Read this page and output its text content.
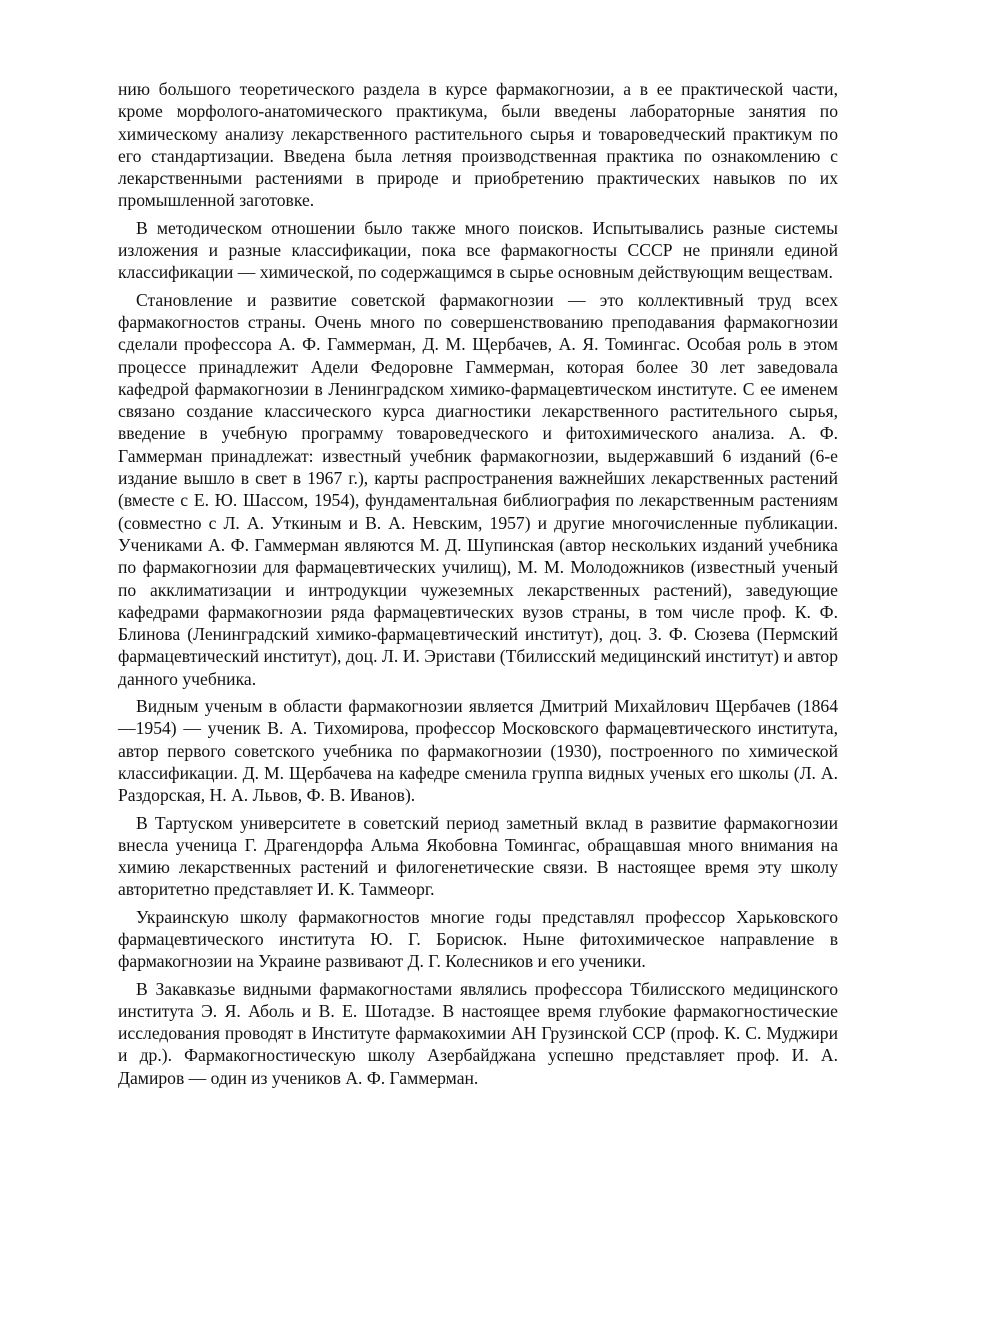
нию большого теоретического раздела в курсе фармакогнозии, а в ее практической части, кроме морфолого-анатомического практикума, были введены лабораторные занятия по химическому анализу лекарственного растительного сырья и товароведческий практикум по его стандартизации. Введена была летняя производственная практика по ознакомлению с лекарственными растениями в природе и приобретению практических навыков по их промышленной заготовке.

В методическом отношении было также много поисков. Испытывались разные системы изложения и разные классификации, пока все фармакогносты СССР не приняли единой классификации — химической, по содержащимся в сырье основным действующим веществам.

Становление и развитие советской фармакогнозии — это коллективный труд всех фармакогностов страны. Очень много по совершенствованию преподавания фармакогнозии сделали профессора А. Ф. Гаммерман, Д. М. Щербачев, А. Я. Томингас. Особая роль в этом процессе принадлежит Адели Федоровне Гаммерман, которая более 30 лет заведовала кафедрой фармакогнозии в Ленинградском химико-фармацевтическом институте. С ее именем связано создание классического курса диагностики лекарственного растительного сырья, введение в учебную программу товароведческого и фитохимического анализа. А. Ф. Гаммерман принадлежат: известный учебник фармакогнозии, выдержавший 6 изданий (6-е издание вышло в свет в 1967 г.), карты распространения важнейших лекарственных растений (вместе с Е. Ю. Шассом, 1954), фундаментальная библиография по лекарственным растениям (совместно с Л. А. Уткиным и В. А. Невским, 1957) и другие многочисленные публикации. Учениками А. Ф. Гаммерман являются М. Д. Шупинская (автор нескольких изданий учебника по фармакогнозии для фармацевтических училищ), М. М. Молодожников (известный ученый по акклиматизации и интродукции чужеземных лекарственных растений), заведующие кафедрами фармакогнозии ряда фармацевтических вузов страны, в том числе проф. К. Ф. Блинова (Ленинградский химико-фармацевтический институт), доц. З. Ф. Сюзева (Пермский фармацевтический институт), доц. Л. И. Эристави (Тбилисский медицинский институт) и автор данного учебника.

Видным ученым в области фармакогнозии является Дмитрий Михайлович Щербачев (1864—1954) — ученик В. А. Тихомирова, профессор Московского фармацевтического института, автор первого советского учебника по фармакогнозии (1930), построенного по химической классификации. Д. М. Щербачева на кафедре сменила группа видных ученых его школы (Л. А. Раздорская, Н. А. Львов, Ф. В. Иванов).

В Тартуском университете в советский период заметный вклад в развитие фармакогнозии внесла ученица Г. Драгендорфа Альма Якобовна Томингас, обращавшая много внимания на химию лекарственных растений и филогенетические связи. В настоящее время эту школу авторитетно представляет И. К. Таммеорг.

Украинскую школу фармакогностов многие годы представлял профессор Харьковского фармацевтического института Ю. Г. Борисюк. Ныне фитохимическое направление в фармакогнозии на Украине развивают Д. Г. Колесников и его ученики.

В Закавказье видными фармакогностами являлись профессора Тбилисского медицинского института Э. Я. Аболь и В. Е. Шотадзе. В настоящее время глубокие фармакогностические исследования проводят в Институте фармакохимии АН Грузинской ССР (проф. К. С. Муджири и др.). Фармакогностическую школу Азербайджана успешно представляет проф. И. А. Дамиров — один из учеников А. Ф. Гаммерман.
